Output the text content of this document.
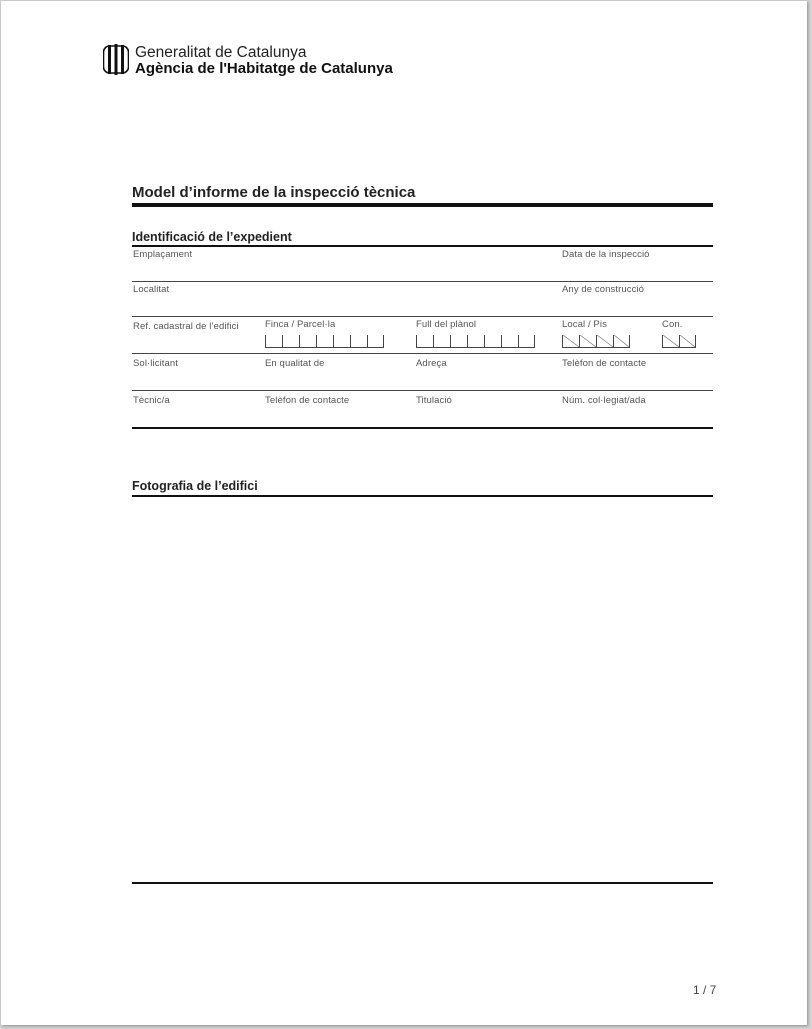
Generalitat de Catalunya
Agència de l'Habitatge de Catalunya
Model d’informe de la inspecció tècnica
Identificació de l’expedient
Emplaçament	Data de la inspecció
Localitat	Any de construcció
Ref. cadastral de l’edifici	Finca / Parcel·la	Full del plànol	Local / Pis	Con.
Sol·licitant	En qualitat de	Adreça	Telèfon de contacte
Tècnic/a	Telèfon de contacte	Titulació	Núm. col·legiat/ada
Fotografia de l’edifici
1 / 7
